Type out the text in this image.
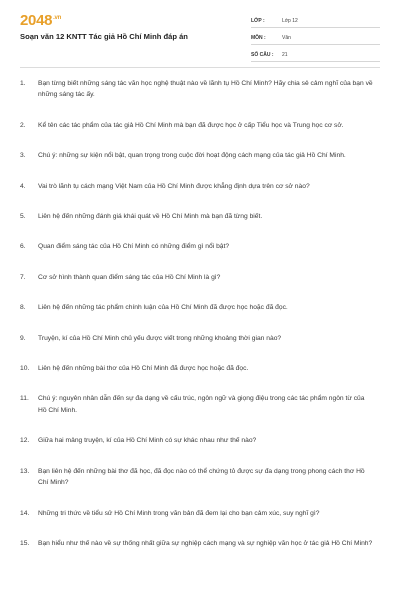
$2048^{.vn}$
Soạn văn 12 KNTT Tác giả Hồ Chí Minh đáp án
LỚP :	Lớp 12
MÔN :	Văn
SỐ CÂU :	21
1.	Bạn từng biết những sáng tác văn học nghệ thuật nào về lãnh tụ Hồ Chí Minh? Hãy chia sẻ cảm nghĩ của bạn về những sáng tác ấy.
2.	Kể tên các tác phẩm của tác giả Hồ Chí Minh mà bạn đã được học ở cấp Tiểu học và Trung học cơ sở.
3.	Chú ý: những sự kiện nổi bật, quan trọng trong cuộc đời hoạt động cách mạng của tác giả Hồ Chí Minh.
4.	Vai trò lãnh tụ cách mạng Việt Nam của Hồ Chí Minh được khẳng định dựa trên cơ sở nào?
5.	Liên hệ đến những đánh giá khái quát về Hồ Chí Minh mà bạn đã từng biết.
6.	Quan điểm sáng tác của Hồ Chí Minh có những điểm gì nổi bật?
7.	Cơ sở hình thành quan điểm sáng tác của Hồ Chí Minh là gì?
8.	Liên hệ đến những tác phẩm chính luận của Hồ Chí Minh đã được học hoặc đã đọc.
9.	Truyện, kí của Hồ Chí Minh chủ yếu được viết trong những khoảng thời gian nào?
10.	Liên hệ đến những bài thơ của Hồ Chí Minh đã được học hoặc đã đọc.
11.	Chú ý: nguyên nhân dẫn đến sự đa dạng về cấu trúc, ngôn ngữ và giọng điệu trong các tác phẩm ngôn từ của Hồ Chí Minh.
12.	Giữa hai mảng truyện, kí của Hồ Chí Minh có sự khác nhau như thế nào?
13.	Bạn liên hệ đến những bài thơ đã học, đã đọc nào có thể chứng tỏ được sự đa dạng trong phong cách thơ Hồ Chí Minh?
14.	Những tri thức về tiểu sử Hồ Chí Minh trong văn bản đã đem lại cho bạn cảm xúc, suy nghĩ gì?
15.	Bạn hiểu như thế nào về sự thống nhất giữa sự nghiệp cách mạng và sự nghiệp văn học ở tác giả Hồ Chí Minh?
